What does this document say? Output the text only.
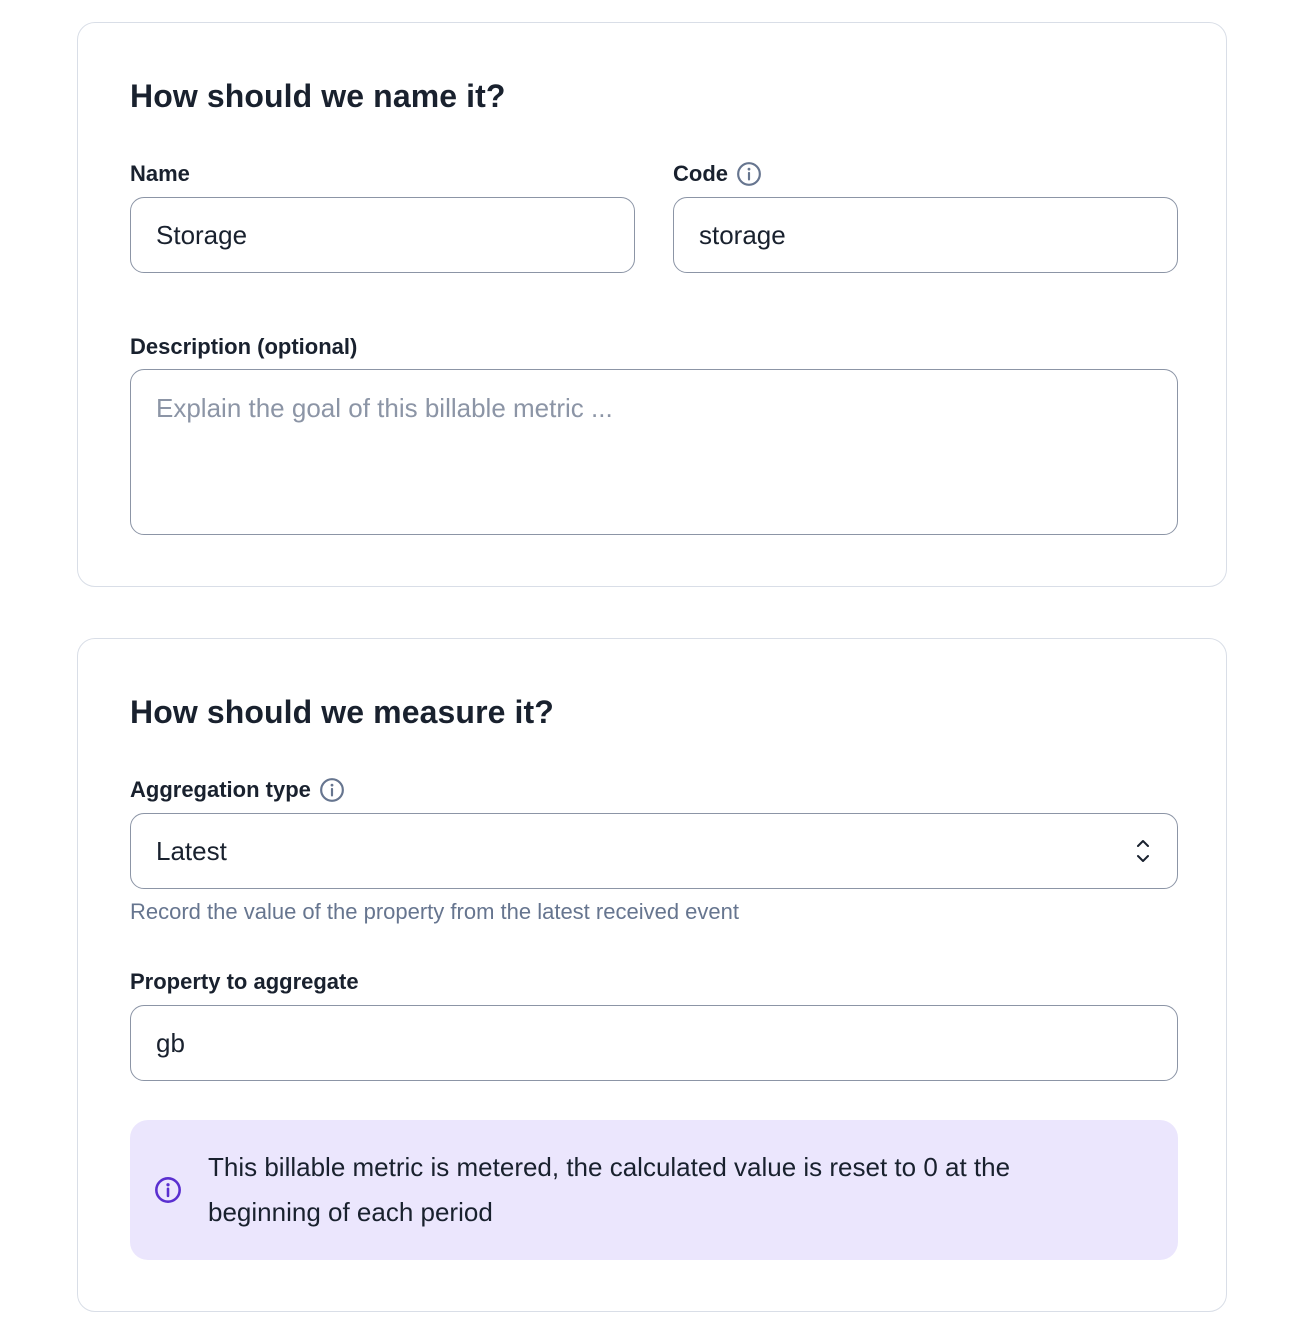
How should we name it?
Name
Storage	Code
storage
Description (optional)
Explain the goal of this billable metric ...
How should we measure it?
Aggregation type
Latest
Record the value of the property from the latest received event
Property to aggregate
gb
This billable metric is metered, the calculated value is reset to 0 at the beginning of each period
